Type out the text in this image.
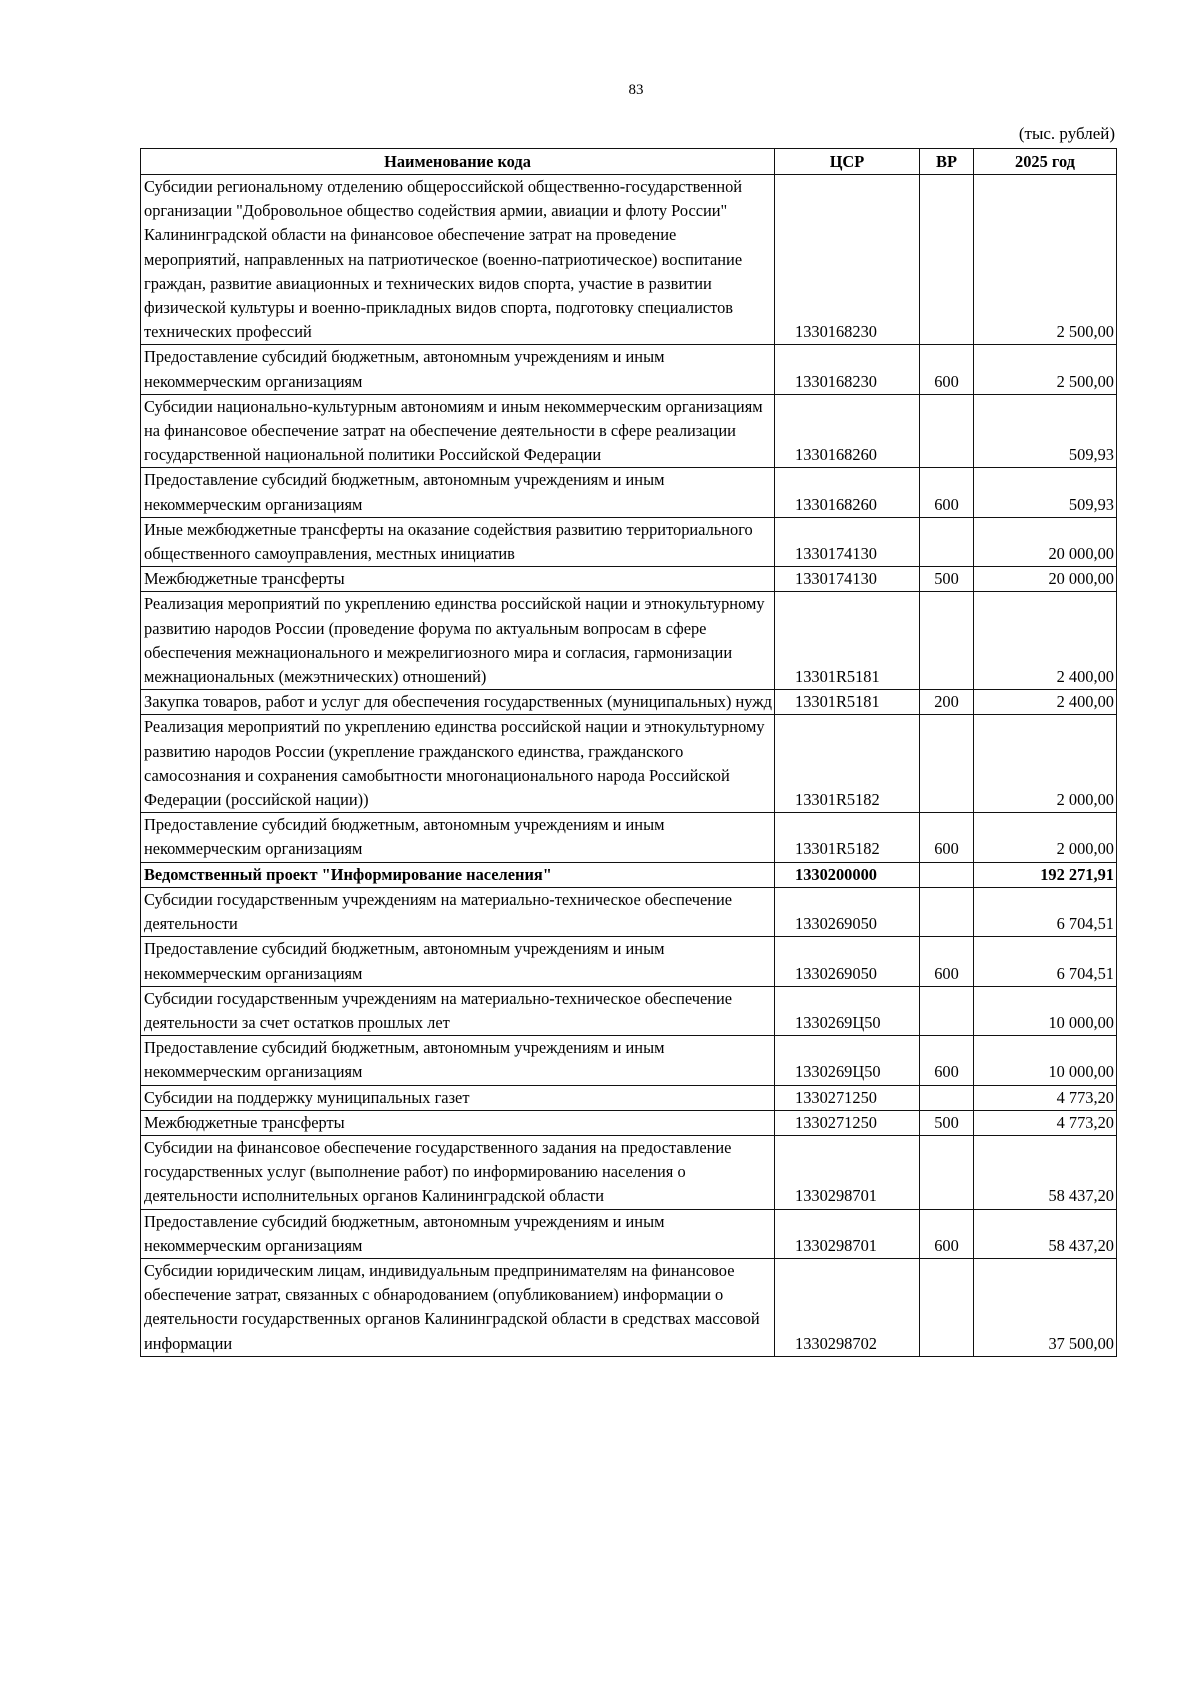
83
(тыс. рублей)
Наименование кода	ЦСР	ВР	2025 год
Субсидии региональному отделению общероссийской общественно-государственной организации "Добровольное общество содействия армии, авиации и флоту России" Калининградской области на финансовое обеспечение затрат на проведение мероприятий, направленных на патриотическое (военно-патриотическое) воспитание граждан, развитие авиационных и технических видов спорта, участие в развитии физической культуры и военно-прикладных видов спорта, подготовку специалистов технических профессий	1330168230		2 500,00
Предоставление субсидий бюджетным, автономным учреждениям и иным некоммерческим организациям	1330168230	600	2 500,00
Субсидии национально-культурным автономиям и иным некоммерческим организациям на финансовое обеспечение затрат на обеспечение деятельности в сфере реализации государственной национальной политики Российской Федерации	1330168260		509,93
Предоставление субсидий бюджетным, автономным учреждениям и иным некоммерческим организациям	1330168260	600	509,93
Иные межбюджетные трансферты на оказание содействия развитию территориального общественного самоуправления, местных инициатив	1330174130		20 000,00
Межбюджетные трансферты	1330174130	500	20 000,00
Реализация мероприятий по укреплению единства российской нации и этнокультурному развитию народов России (проведение форума по актуальным вопросам в сфере обеспечения межнационального и межрелигиозного мира и согласия, гармонизации межнациональных (межэтнических) отношений)	13301R5181		2 400,00
Закупка товаров, работ и услуг для обеспечения государственных (муниципальных) нужд	13301R5181	200	2 400,00
Реализация мероприятий по укреплению единства российской нации и этнокультурному развитию народов России (укрепление гражданского единства, гражданского самосознания и сохранения самобытности многонационального народа Российской Федерации (российской нации))	13301R5182		2 000,00
Предоставление субсидий бюджетным, автономным учреждениям и иным некоммерческим организациям	13301R5182	600	2 000,00
Ведомственный проект "Информирование населения"	1330200000		192 271,91
Субсидии государственным учреждениям на материально-техническое обеспечение деятельности	1330269050		6 704,51
Предоставление субсидий бюджетным, автономным учреждениям и иным некоммерческим организациям	1330269050	600	6 704,51
Субсидии государственным учреждениям на материально-техническое обеспечение деятельности за счет остатков прошлых лет	1330269Ц50		10 000,00
Предоставление субсидий бюджетным, автономным учреждениям и иным некоммерческим организациям	1330269Ц50	600	10 000,00
Субсидии на поддержку муниципальных газет	1330271250		4 773,20
Межбюджетные трансферты	1330271250	500	4 773,20
Субсидии на финансовое обеспечение государственного задания на предоставление государственных услуг (выполнение работ) по информированию населения о деятельности исполнительных органов Калининградской области	1330298701		58 437,20
Предоставление субсидий бюджетным, автономным учреждениям и иным некоммерческим организациям	1330298701	600	58 437,20
Субсидии юридическим лицам, индивидуальным предпринимателям на финансовое обеспечение затрат, связанных с обнародованием (опубликованием) информации о деятельности государственных органов Калининградской области в средствах массовой информации	1330298702		37 500,00
